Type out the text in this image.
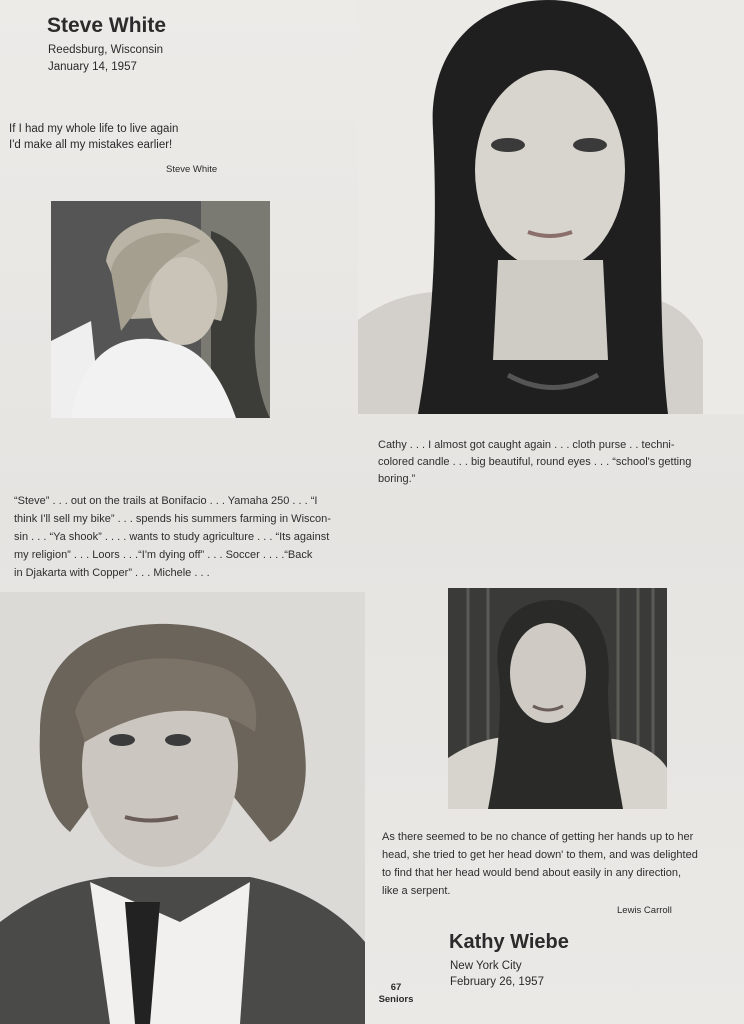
Steve White
Reedsburg, Wisconsin
January 14, 1957
If I had my whole life to live again
I'd make all my mistakes earlier!
Steve White
Cathy . . . I almost got caught again . . . cloth purse . . techni-
colored candle . . . big beautiful, round eyes . . . “school's getting
boring.”
“Steve” . . . out on the trails at Bonifacio . . . Yamaha 250 . . . “I
think I'll sell my bike” . . . spends his summers farming in Wiscon-
sin . . . “Ya shook” . . . . wants to study agriculture . . . “Its against
my religion” . . . Loors . . .“I'm dying off” . . . Soccer . . . .“Back
in Djakarta with Copper” . . . Michele . . .
As there seemed to be no chance of getting her hands up to her
head, she tried to get her head down' to them, and was delighted
to find that her head would bend about easily in any direction,
like a serpent.
Lewis Carroll
Kathy Wiebe
New York City
February 26, 1957
67
Seniors
